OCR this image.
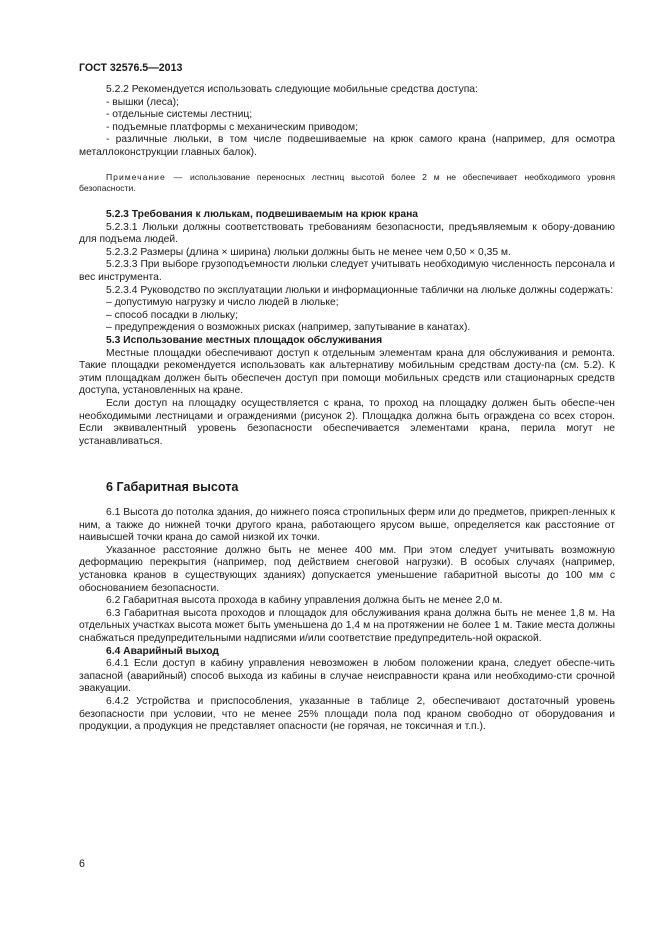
ГОСТ 32576.5—2013

5.2.2 Рекомендуется использовать следующие мобильные средства доступа:

- вышки (леса);

- отдельные системы лестниц;

- подъемные платформы с механическим приводом;

- различные люльки, в том числе подвешиваемые на крюк самого крана (например, для осмотра металлоконструкции главных балок).

Примечание — использование переносных лестниц высотой более 2 м не обеспечивает необходимого уровня безопасности.

5.2.3 Требования к люлькам, подвешиваемым на крюк крана

5.2.3.1 Люльки должны соответствовать требованиям безопасности, предъявляемым к обору-дованию для подъема людей.

5.2.3.2 Размеры (длина × ширина) люльки должны быть не менее чем 0,50 × 0,35 м.

5.2.3.3 При выборе грузоподъемности люльки следует учитывать необходимую численность персонала и вес инструмента.

5.2.3.4 Руководство по эксплуатации люльки и информационные таблички на люльке должны содержать:

– допустимую нагрузку и число людей в люльке;

– способ посадки в люльку;

– предупреждения о возможных рисках (например, запутывание в канатах).

5.3 Использование местных площадок обслуживания

Местные площадки обеспечивают доступ к отдельным элементам крана для обслуживания и ремонта. Такие площадки рекомендуется использовать как альтернативу мобильным средствам досту-па (см. 5.2). К этим площадкам должен быть обеспечен доступ при помощи мобильных средств или стационарных средств доступа, установленных на кране.

Если доступ на площадку осуществляется с крана, то проход на площадку должен быть обеспе-чен необходимыми лестницами и ограждениями (рисунок 2). Площадка должна быть ограждена со всех сторон. Если эквивалентный уровень безопасности обеспечивается элементами крана, перила могут не устанавливаться.

6 Габаритная высота

6.1 Высота до потолка здания, до нижнего пояса стропильных ферм или до предметов, прикреп-ленных к ним, а также до нижней точки другого крана, работающего ярусом выше, определяется как расстояние от наивысшей точки крана до самой низкой их точки.

Указанное расстояние должно быть не менее 400 мм. При этом следует учитывать возможную деформацию перекрытия (например, под действием снеговой нагрузки). В особых случаях (например, установка кранов в существующих зданиях) допускается уменьшение габаритной высоты до 100 мм с обоснованием безопасности.

6.2 Габаритная высота прохода в кабину управления должна быть не менее 2,0 м.

6.3 Габаритная высота проходов и площадок для обслуживания крана должна быть не менее 1,8 м. На отдельных участках высота может быть уменьшена до 1,4 м на протяжении не более 1 м. Такие места должны снабжаться предупредительными надписями и/или соответствие предупредитель-ной окраской.

6.4 Аварийный выход

6.4.1 Если доступ в кабину управления невозможен в любом положении крана, следует обеспе-чить запасной (аварийный) способ выхода из кабины в случае неисправности крана или необходимо-сти срочной эвакуации.

6.4.2 Устройства и приспособления, указанные в таблице 2, обеспечивают достаточный уровень безопасности при условии, что не менее 25% площади пола под краном свободно от оборудования и продукции, а продукция не представляет опасности (не горячая, не токсичная и т.п.).

6
